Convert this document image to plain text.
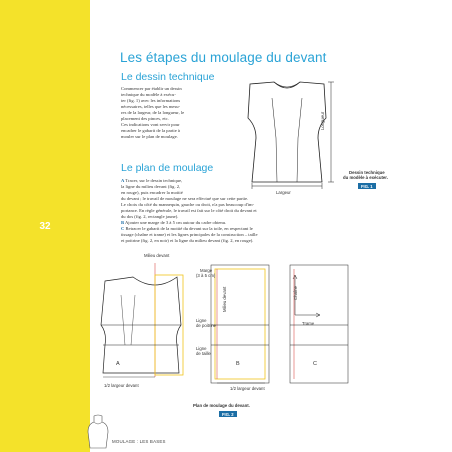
32
Les étapes du moulage du devant
Le dessin technique
Commencer par établir un dessin
technique du modèle à exécu-
ter (fig. 1) avec les informations
nécessaires, telles que les mesu-
res de la largeur, de la longueur, le
placement des pinces, etc.
Ces indications vont servir pour
encadrer le gabarit de la partie à
mouler sur le plan de moulage.
Longueur
Largeur
Dessin technique
du modèle à exécuter.
FIG. 1
Le plan de moulage
A Tracer, sur le dessin technique,
la ligne du milieu devant (fig. 2,
en rouge), puis encadrer la moitié
du devant ; le travail de moulage ne sera effectué que sur cette partie.
Le choix du côté du mannequin, gauche ou droit, n'a pas beaucoup d'im-
portance. En règle générale, le travail est fait sur le côté droit du devant et
du dos (fig. 2, rectangle jaune).
B Ajouter une marge de 3 à 5 cm autour du cadre obtenu.
C Retracer le gabarit de la moitié du devant sur la toile, en respectant le
tissage (chaîne et trame) et les lignes principales de la construction – taille
et poitrine (fig. 2, en noir) et la ligne du milieu devant (fig. 2, en rouge).
Milieu devant
Marge
(3 à 5 cm)
Milieu devant
Ligne
de poitrine
Ligne
de taille
Chaîne
Trame
1/2 largeur devant
1/2 largeur devant
A	B	C
Plan de moulage du devant.
FIG. 2
MOULAGE : LES BASES
